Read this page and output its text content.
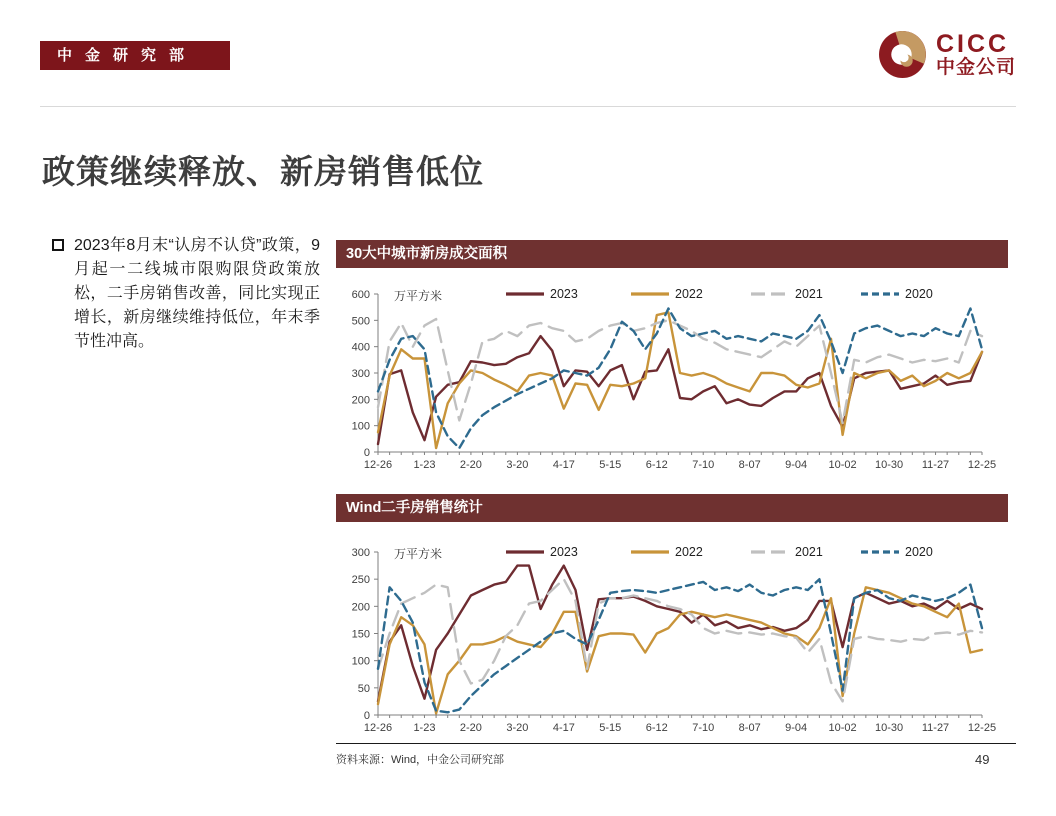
中金研究部	CICC
中金公司
政策继续释放、新房销售低位

2023年8月末“认房不认贷”政策，9月起一二线城市限购限贷政策放松，二手房销售改善，同比实现正增长，新房继续维持低位，年末季节性冲高。

30大中城市新房成交面积
0
100
200
300
400
500
600
12-26 1-23 2-20 3-20 4-17 5-15 6-12 7-10 8-07 9-04 10-02 10-30 11-27 12-25
万平方米	2023	2022	2021	2020
Wind二手房销售统计
0
50
100
150
200
250
300
12-26 1-23 2-20 3-20 4-17 5-15 6-12 7-10 8-07 9-04 10-02 10-30 11-27 12-25
万平方米	2023	2022	2021	2020
资料来源：Wind，中金公司研究部	49
